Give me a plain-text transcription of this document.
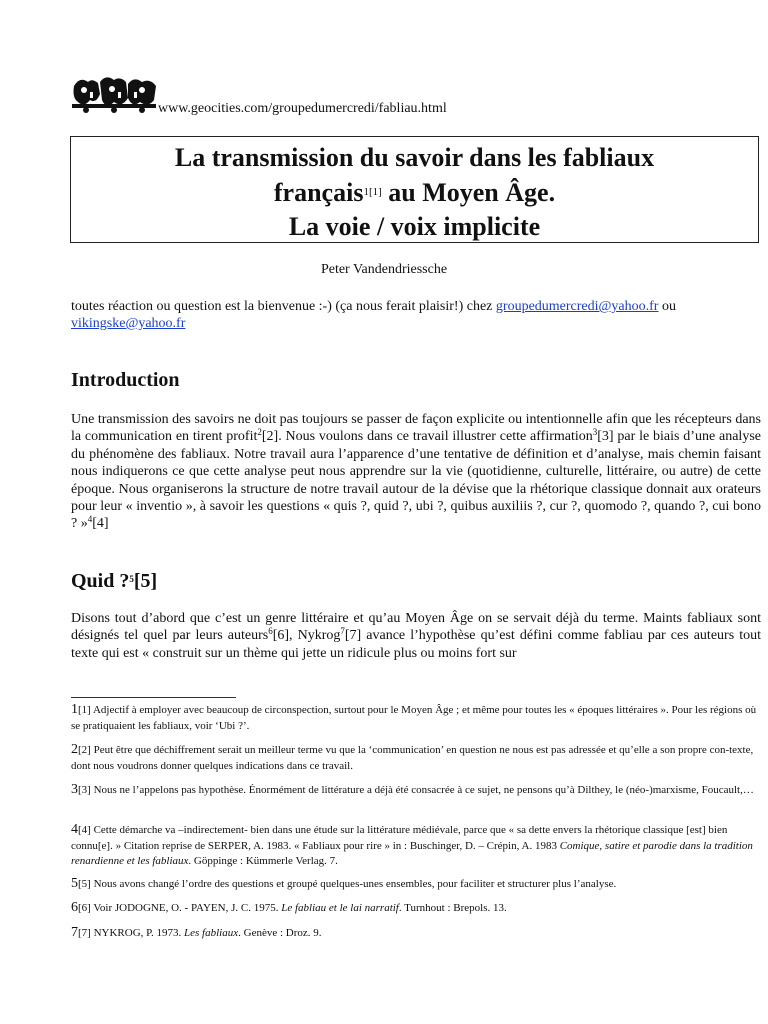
www.geocities.com/groupedumercredi/fabliau.html
La transmission du savoir dans les fabliaux
français$^{1[1]}$ au Moyen Âge.
La voie / voix implicite
Peter Vandendriessche
toutes réaction ou question est la bienvenue :-) (ça nous ferait plaisir!) chez groupedumercredi@yahoo.fr ou
vikingske@yahoo.fr
Introduction
Une transmission des savoirs ne doit pas toujours se passer de façon explicite ou intentionnelle afin que les récepteurs dans la communication en tirent profit$^2$[2]. Nous voulons dans ce travail illustrer cette affirmation$^3$[3] par le biais d’une analyse du phénomène des fabliaux. Notre travail aura l’apparence d’une tentative de définition et d’analyse, mais chemin faisant nous indiquerons ce que cette analyse peut nous apprendre sur la vie (quotidienne, culturelle, littéraire, ou autre) de cette époque. Nous organiserons la structure de notre travail autour de la dévise que la rhétorique classique donnait aux orateurs pour leur « inventio », à savoir les questions « quis ?, quid ?, ubi ?, quibus auxiliis ?, cur ?, quomodo ?, quando ?, cui bono ? »$^4$[4]
Quid ?$^5$[5]
Disons tout d’abord que c’est un genre littéraire et qu’au Moyen Âge on se servait déjà du terme. Maints fabliaux sont désignés tel quel par leurs auteurs$^6$[6], Nykrog$^7$[7] avance l’hypothèse qu’est défini comme fabliau par ces auteurs tout texte qui est « construit sur un thème qui jette un ridicule plus ou moins fort sur
1[1] Adjectif à employer avec beaucoup de circonspection, surtout pour le Moyen Âge ; et même pour toutes les « époques littéraires ». Pour les régions où se pratiquaient les fabliaux, voir ‘Ubi ?’.
2[2] Peut être que déchiffrement serait un meilleur terme vu que la ‘communication’ en question ne nous est pas adressée et qu’elle a son propre con-texte, dont nous voudrons donner quelques indications dans ce travail.
3[3] Nous ne l’appelons pas hypothèse. Énormément de littérature a déjà été consacrée à ce sujet, ne pensons qu’à Dilthey, le (néo-)marxisme, Foucault,…
4[4] Cette démarche va –indirectement- bien dans une étude sur la littérature médiévale, parce que « sa dette envers la rhétorique classique [est] bien connu[e]. » Citation reprise de SERPER, A. 1983. « Fabliaux pour rire » in : Buschinger, D. – Crépin, A. 1983 Comique, satire et parodie dans la tradition renardienne et les fabliaux. Göppinge : Kümmerle Verlag. 7.
5[5] Nous avons changé l’ordre des questions et groupé quelques-unes ensembles, pour faciliter et structurer plus l’analyse.
6[6] Voir JODOGNE, O. - PAYEN, J. C. 1975. Le fabliau et le lai narratif. Turnhout : Brepols. 13.
7[7] NYKROG, P. 1973. Les fabliaux. Genève : Droz. 9.
